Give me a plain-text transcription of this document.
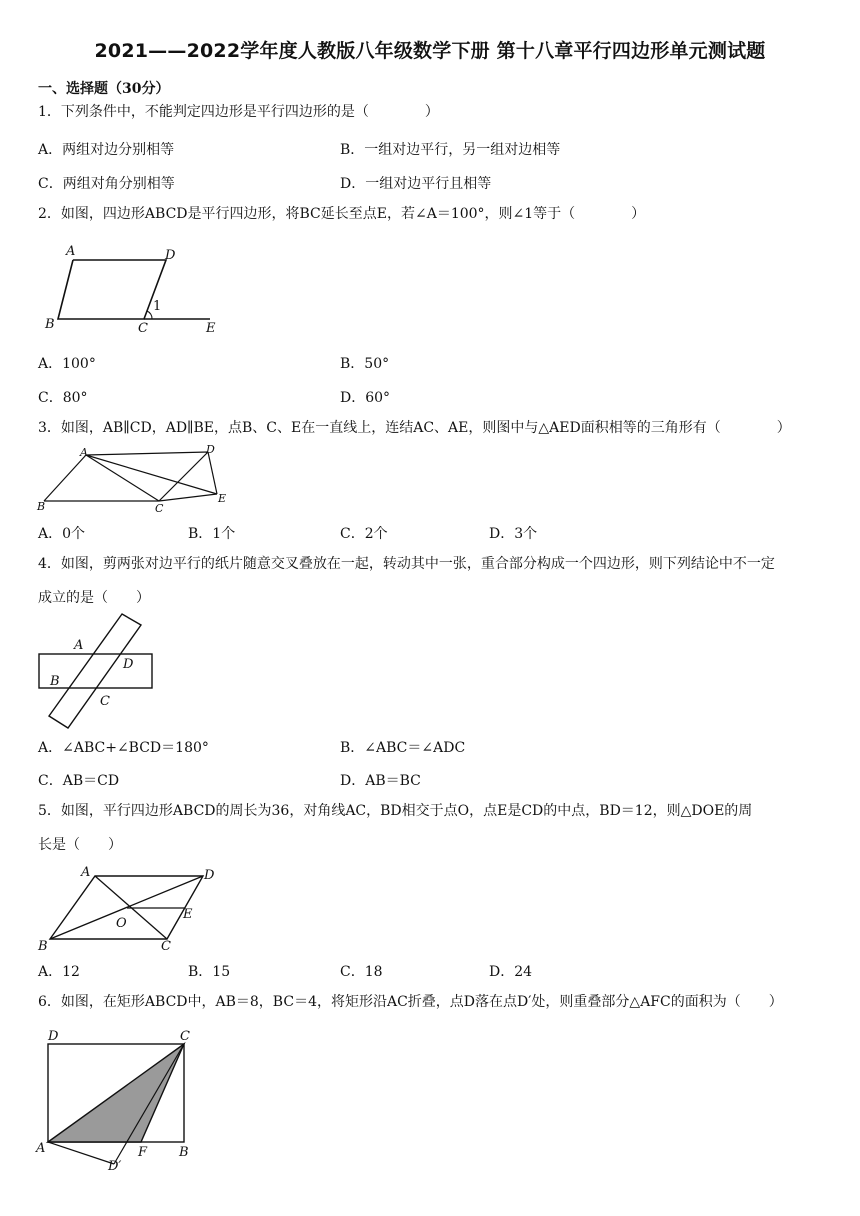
2021——2022学年度人教版八年级数学下册 第十八章平行四边形单元测试题
一、选择题（30分）
1．下列条件中，不能判定四边形是平行四边形的是（　　　　）
A．两组对边分别相等	B．一组对边平行，另一组对边相等
C．两组对角分别相等	D．一组对边平行且相等
2．如图，四边形ABCD是平行四边形，将BC延长至点E，若∠A＝100°，则∠1等于（　　　　）
A	D
B	C	E
1
A．100°	B．50°
C．80°	D．60°
3．如图，AB∥CD，AD∥BE，点B、C、E在一直线上，连结AC、AE，则图中与△AED面积相等的三角形有（　　　　）
A	D
B	C
E
A．0个	B．1个	C．2个	D．3个
4．如图，剪两张对边平行的纸片随意交叉叠放在一起，转动其中一张，重合部分构成一个四边形，则下列结论中不一定
成立的是（　　）
A
D
B
C
A．∠ABC+∠BCD＝180°	B．∠ABC＝∠ADC
C．AB＝CD	D．AB＝BC
5．如图，平行四边形ABCD的周长为36，对角线AC，BD相交于点O，点E是CD的中点，BD＝12，则△DOE的周
长是（　　）
A	D
O
E
B	C
A．12	B．15	C．18	D．24
6．如图，在矩形ABCD中，AB＝8，BC＝4，将矩形沿AC折叠，点D落在点D′处，则重叠部分△AFC的面积为（　　）
D	C
A	F B
D′
